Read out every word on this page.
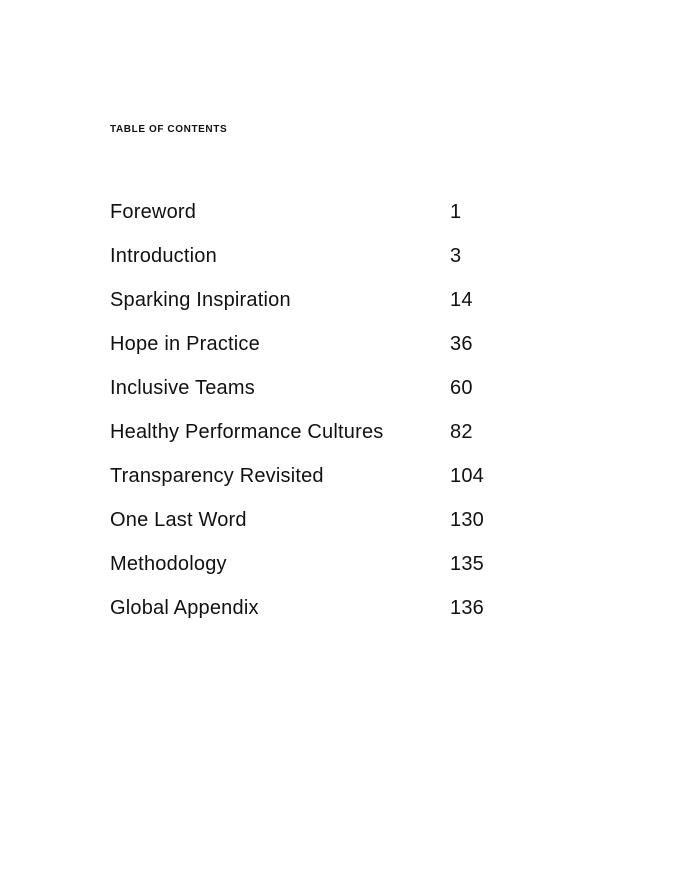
TABLE OF CONTENTS
Foreword	1
Introduction	3
Sparking Inspiration	14
Hope in Practice	36
Inclusive Teams	60
Healthy Performance Cultures	82
Transparency Revisited	104
One Last Word	130
Methodology	135
Global Appendix	136
